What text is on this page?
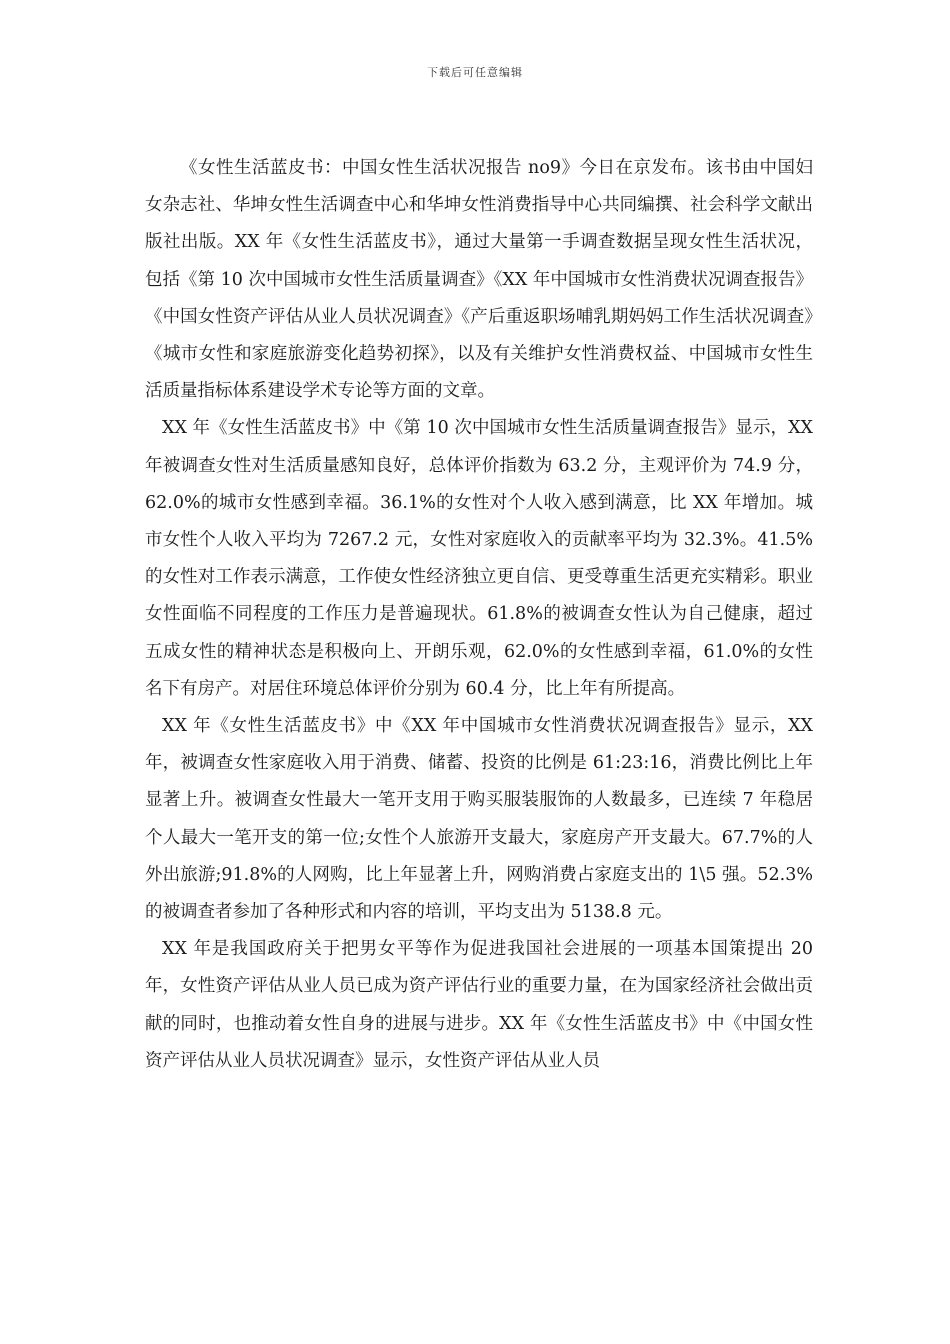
下载后可任意编辑

《女性生活蓝皮书：中国女性生活状况报告 no9》今日在京发布。该书由中国妇女杂志社、华坤女性生活调查中心和华坤女性消费指导中心共同编撰、社会科学文献出版社出版。XX 年《女性生活蓝皮书》，通过大量第一手调查数据呈现女性生活状况，包括《第 10 次中国城市女性生活质量调查》《XX 年中国城市女性消费状况调查报告》《中国女性资产评估从业人员状况调查》《产后重返职场哺乳期妈妈工作生活状况调查》《城市女性和家庭旅游变化趋势初探》，以及有关维护女性消费权益、中国城市女性生活质量指标体系建设学术专论等方面的文章。

XX 年《女性生活蓝皮书》中《第 10 次中国城市女性生活质量调查报告》显示，XX 年被调查女性对生活质量感知良好，总体评价指数为 63.2 分，主观评价为 74.9 分，62.0%的城市女性感到幸福。36.1%的女性对个人收入感到满意，比 XX 年增加。城市女性个人收入平均为 7267.2 元，女性对家庭收入的贡献率平均为 32.3%。41.5%的女性对工作表示满意，工作使女性经济独立更自信、更受尊重生活更充实精彩。职业女性面临不同程度的工作压力是普遍现状。61.8%的被调查女性认为自己健康，超过五成女性的精神状态是积极向上、开朗乐观，62.0%的女性感到幸福，61.0%的女性名下有房产。对居住环境总体评价分别为 60.4 分，比上年有所提高。

XX 年《女性生活蓝皮书》中《XX 年中国城市女性消费状况调查报告》显示，XX 年，被调查女性家庭收入用于消费、储蓄、投资的比例是 61:23:16，消费比例比上年显著上升。被调查女性最大一笔开支用于购买服装服饰的人数最多，已连续 7 年稳居个人最大一笔开支的第一位;女性个人旅游开支最大，家庭房产开支最大。67.7%的人外出旅游;91.8%的人网购，比上年显著上升，网购消费占家庭支出的 1\5 强。52.3%的被调查者参加了各种形式和内容的培训，平均支出为 5138.8 元。

XX 年是我国政府关于把男女平等作为促进我国社会进展的一项基本国策提出 20 年，女性资产评估从业人员已成为资产评估行业的重要力量，在为国家经济社会做出贡献的同时，也推动着女性自身的进展与进步。XX 年《女性生活蓝皮书》中《中国女性资产评估从业人员状况调查》显示，女性资产评估从业人员
